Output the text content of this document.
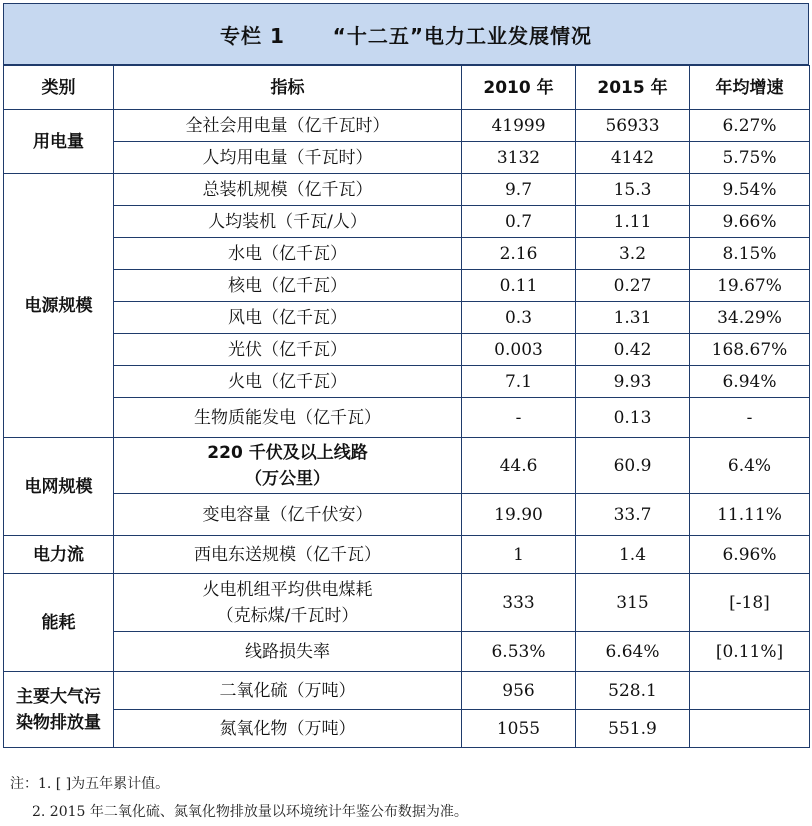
专栏 1      “十二五”电力工业发展情况
类别	指标	2010 年	2015 年	年均增速
用电量	全社会用电量（亿千瓦时）	41999	56933	6.27%
	人均用电量（千瓦时）	3132	4142	5.75%
电源规模	总装机规模（亿千瓦）	9.7	15.3	9.54%
	人均装机（千瓦/人）	0.7	1.11	9.66%
	水电（亿千瓦）	2.16	3.2	8.15%
	核电（亿千瓦）	0.11	0.27	19.67%
	风电（亿千瓦）	0.3	1.31	34.29%
	光伏（亿千瓦）	0.003	0.42	168.67%
	火电（亿千瓦）	7.1	9.93	6.94%
	生物质能发电（亿千瓦）	-	0.13	-
电网规模	220 千伏及以上线路
（万公里）	44.6	60.9	6.4%
	变电容量（亿千伏安）	19.90	33.7	11.11%
电力流	西电东送规模（亿千瓦）	1	1.4	6.96%
能耗	火电机组平均供电煤耗
（克标煤/千瓦时）	333	315	[-18]
	线路损失率	6.53%	6.64%	[0.11%]
主要大气污
染物排放量	二氧化硫（万吨）	956	528.1	
	氮氧化物（万吨）	1055	551.9	
注：1. [ ]为五年累计值。
2. 2015 年二氧化硫、氮氧化物排放量以环境统计年鉴公布数据为准。
